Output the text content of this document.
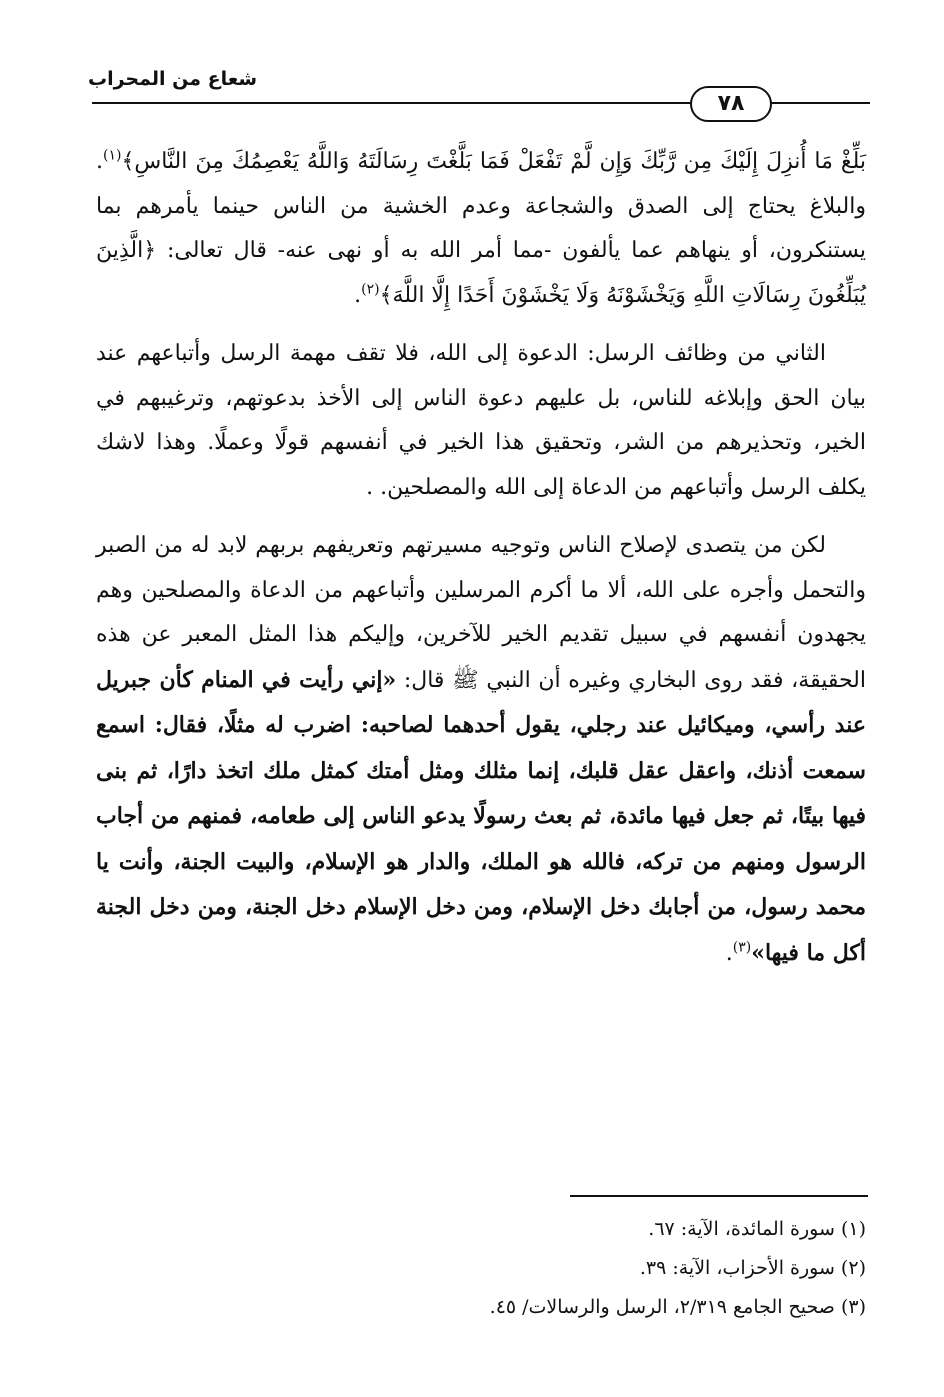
شعاع من المحراب
٧٨

بَلِّغْ مَا أُنزِلَ إِلَيْكَ مِن رَّبِّكَ وَإِن لَّمْ تَفْعَلْ فَمَا بَلَّغْتَ رِسَالَتَهُ وَاللَّهُ يَعْصِمُكَ مِنَ النَّاسِ﴾$^{(١)}$. والبلاغ يحتاج إلى الصدق والشجاعة وعدم الخشية من الناس حينما يأمرهم بما يستنكرون، أو ينهاهم عما يألفون -مما أمر الله به أو نهى عنه- قال تعالى: ﴿الَّذِينَ يُبَلِّغُونَ رِسَالَاتِ اللَّهِ وَيَخْشَوْنَهُ وَلَا يَخْشَوْنَ أَحَدًا إِلَّا اللَّهَ﴾$^{(٢)}$.

الثاني من وظائف الرسل: الدعوة إلى الله، فلا تقف مهمة الرسل وأتباعهم عند بيان الحق وإبلاغه للناس، بل عليهم دعوة الناس إلى الأخذ بدعوتهم، وترغيبهم في الخير، وتحذيرهم من الشر، وتحقيق هذا الخير في أنفسهم قولًا وعملًا. وهذا لاشك يكلف الرسل وأتباعهم من الدعاة إلى الله والمصلحين. .

لكن من يتصدى لإصلاح الناس وتوجيه مسيرتهم وتعريفهم بربهم لابد له من الصبر والتحمل وأجره على الله، ألا ما أكرم المرسلين وأتباعهم من الدعاة والمصلحين وهم يجهدون أنفسهم في سبيل تقديم الخير للآخرين، وإليكم هذا المثل المعبر عن هذه الحقيقة، فقد روى البخاري وغيره أن النبي ﷺ قال: «إني رأيت في المنام كأن جبريل عند رأسي، وميكائيل عند رجلي، يقول أحدهما لصاحبه: اضرب له مثلًا، فقال: اسمع سمعت أذنك، واعقل عقل قلبك، إنما مثلك ومثل أمتك كمثل ملك اتخذ دارًا، ثم بنى فيها بيتًا، ثم جعل فيها مائدة، ثم بعث رسولًا يدعو الناس إلى طعامه، فمنهم من أجاب الرسول ومنهم من تركه، فالله هو الملك، والدار هو الإسلام، والبيت الجنة، وأنت يا محمد رسول، من أجابك دخل الإسلام، ومن دخل الإسلام دخل الجنة، ومن دخل الجنة أكل ما فيها»$^{(٣)}$.

(١) سورة المائدة، الآية: ٦٧.

(٢) سورة الأحزاب، الآية: ٣٩.

(٣) صحيح الجامع ٢/٣١٩، الرسل والرسالات/ ٤٥.
